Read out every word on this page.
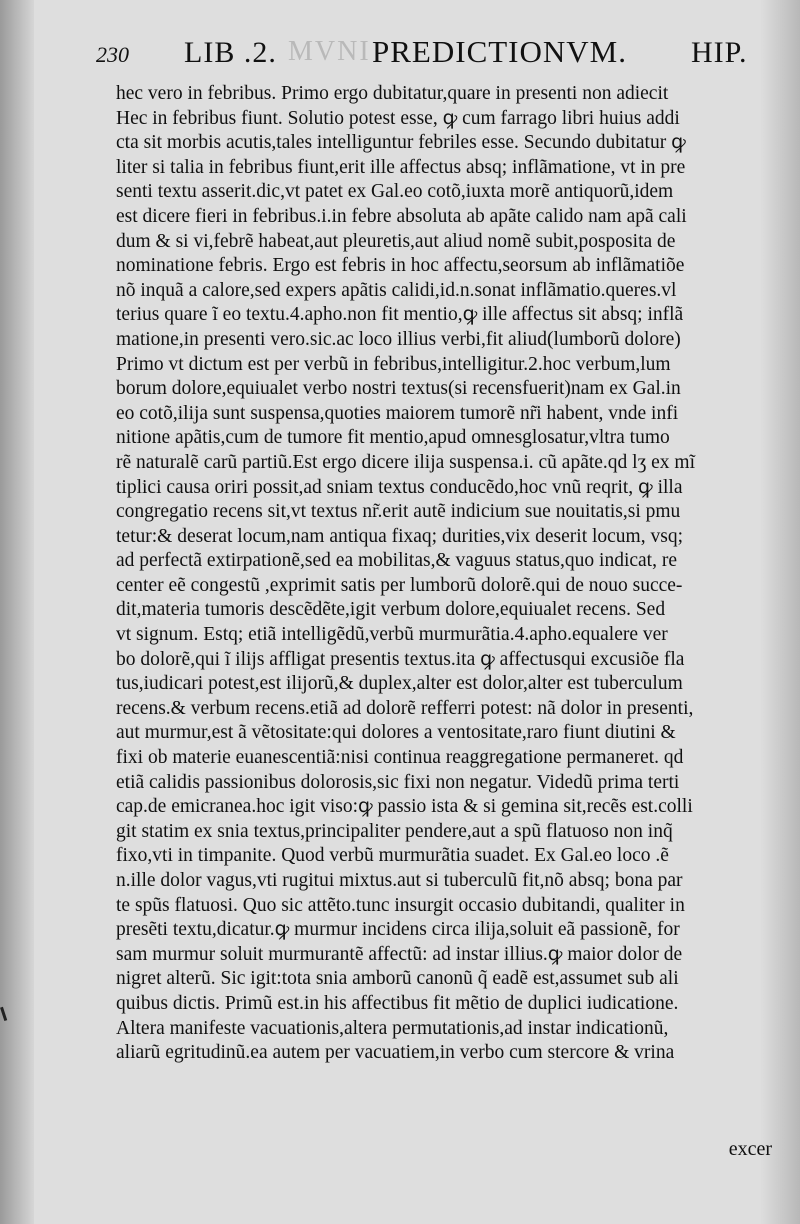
230 LIB .2. MVNI PREDICTIONVM. HIP.
hec vero in febribus. Primo ergo dubitatur,quare in presenti non adiecit
Hec in febribus fiunt. Solutio potest esse, ꝙ cum farrago libri huius addi
cta sit morbis acutis,tales intelliguntur febriles esse. Secundo dubitatur ꝙ
liter si talia in febribus fiunt,erit ille affectus absq; inflãmatione, vt in pre
senti textu asserit.dic,vt patet ex Gal.eo cotõ,iuxta morẽ antiquorũ,idem
est dicere fieri in febribus.i.in febre absoluta ab apãte calido nam apã cali
dum & si vi,febrẽ habeat,aut pleuretis,aut aliud nomẽ subit,posposita de
nominatione febris. Ergo est febris in hoc affectu,seorsum ab inflãmatiõe
nõ inquã a calore,sed expers apãtis calidi,id.n.sonat inflãmatio.queres.vl
terius quare ĩ eo textu.4.apho.non fit mentio,ꝙ ille affectus sit absq; inflã
matione,in presenti vero.sic.ac loco illius verbi,fit aliud(lumborũ dolore)
Primo vt dictum est per verbũ in febribus,intelligitur.2.hoc verbum,lum
borum dolore,equiualet verbo nostri textus(si recensfuerit)nam ex Gal.in
eo cotõ,ilija sunt suspensa,quoties maiorem tumorẽ nr̃i habent, vnde infi
nitione apãtis,cum de tumore fit mentio,apud omnesglosatur,vltra tumo
rẽ naturalẽ carũ partiũ.Est ergo dicere ilija suspensa.i. cũ apãte.qd lʒ ex mĩ
tiplici causa oriri possit,ad sniam textus conducẽdo,hoc vnũ reqrit, ꝙ illa
congregatio recens sit,vt textus nr̃.erit autẽ indicium sue nouitatis,si pmu
tetur:& deserat locum,nam antiqua fixaq; durities,vix deserit locum, vsq;
ad perfectã extirpationẽ,sed ea mobilitas,& vaguus status,quo indicat, re
center eẽ congestũ ,exprimit satis per lumborũ dolorẽ.qui de nouo succe-
dit,materia tumoris descẽdẽte,igit verbum dolore,equiualet recens. Sed
vt signum. Estq; etiã intelligẽdũ,verbũ murmurãtia.4.apho.equalere ver
bo dolorẽ,qui ĩ ilijs affligat presentis textus.ita ꝙ affectusqui excusiõe fla
tus,iudicari potest,est ilijorũ,& duplex,alter est dolor,alter est tuberculum
recens.& verbum recens.etiã ad dolorẽ refferri potest: nã dolor in presenti,
aut murmur,est ã vẽtositate:qui dolores a ventositate,raro fiunt diutini &
fixi ob materie euanescentiã:nisi continua reaggregatione permaneret. qd
etiã calidis passionibus dolorosis,sic fixi non negatur. Videdũ prima terti
cap.de emicranea.hoc igit viso:ꝙ passio ista & si gemina sit,recẽs est.colli
git statim ex snia textus,principaliter pendere,aut a spũ flatuoso non inq̃
fixo,vti in timpanite. Quod verbũ murmurãtia suadet. Ex Gal.eo loco .ẽ
n.ille dolor vagus,vti rugitui mixtus.aut si tuberculũ fit,nõ absq; bona par
te spũs flatuosi. Quo sic attẽto.tunc insurgit occasio dubitandi, qualiter in
presẽti textu,dicatur.ꝙ murmur incidens circa ilija,soluit eã passionẽ, for
sam murmur soluit murmurantẽ affectũ: ad instar illius.ꝙ maior dolor de
nigret alterũ. Sic igit:tota snia amborũ canonũ q̃ eadẽ est,assumet sub ali
quibus dictis. Primũ est.in his affectibus fit mẽtio de duplici iudicatione.
Altera manifeste vacuationis,altera permutationis,ad instar indicationũ,
aliarũ egritudinũ.ea autem per vacuatiem,in verbo cum stercore & vrina
excer
